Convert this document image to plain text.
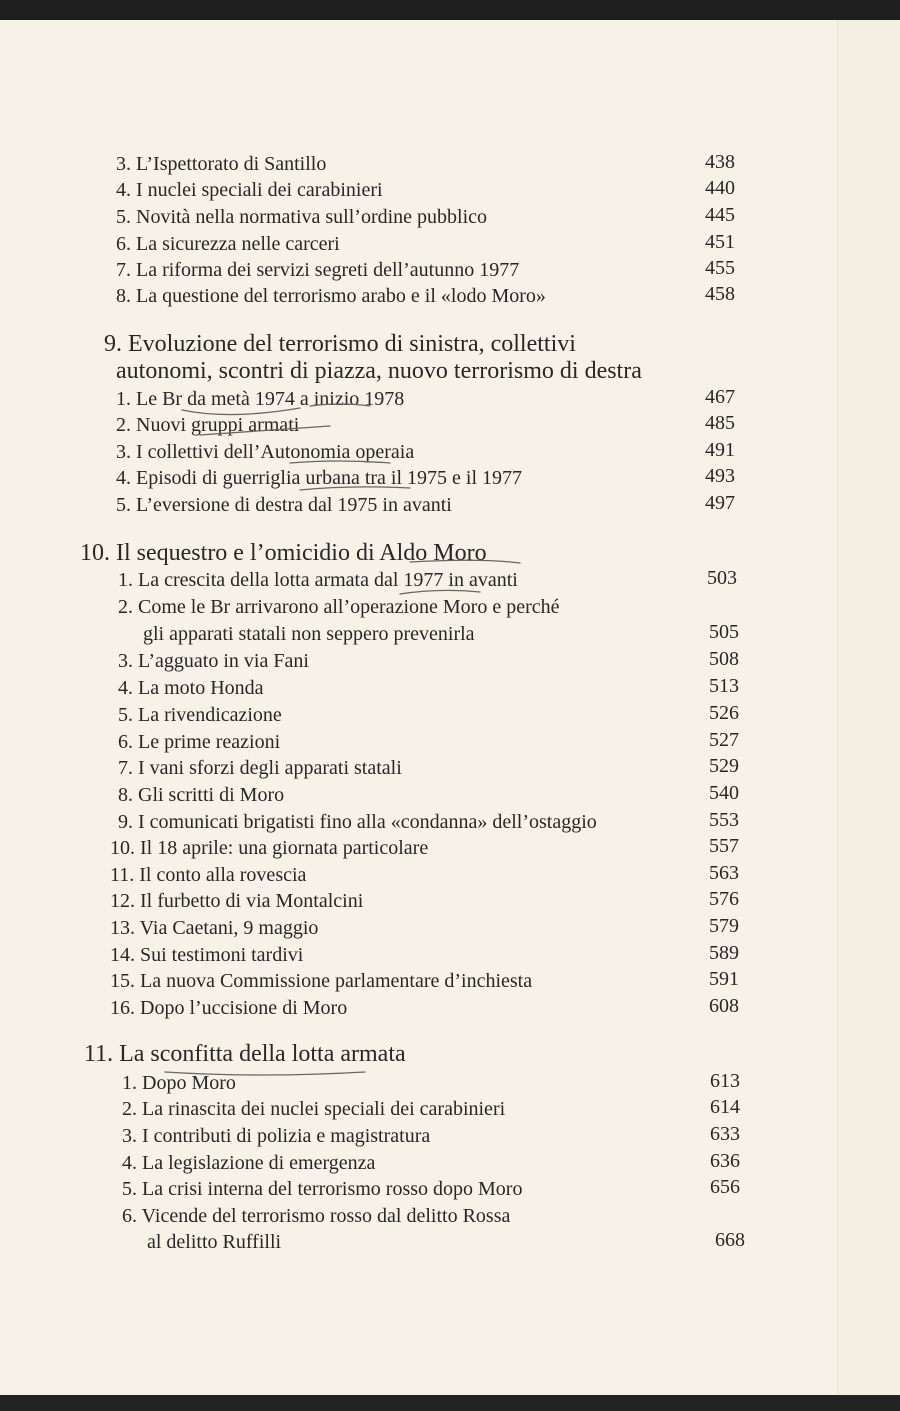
3. L’Ispettorato di Santillo	438
4. I nuclei speciali dei carabinieri	440
5. Novità nella normativa sull’ordine pubblico	445
6. La sicurezza nelle carceri	451
7. La riforma dei servizi segreti dell’autunno 1977	455
8. La questione del terrorismo arabo e il «lodo Moro»	458
9. Evoluzione del terrorismo di sinistra, collettivi
autonomi, scontri di piazza, nuovo terrorismo di destra
1. Le Br da metà 1974 a inizio 1978	467
2. Nuovi gruppi armati	485
3. I collettivi dell’Autonomia operaia	491
4. Episodi di guerriglia urbana tra il 1975 e il 1977	493
5. L’eversione di destra dal 1975 in avanti	497
10. Il sequestro e l’omicidio di Aldo Moro
1. La crescita della lotta armata dal 1977 in avanti	503
2. Come le Br arrivarono all’operazione Moro e perché
gli apparati statali non seppero prevenirla	505
3. L’agguato in via Fani	508
4. La moto Honda	513
5. La rivendicazione	526
6. Le prime reazioni	527
7. I vani sforzi degli apparati statali	529
8. Gli scritti di Moro	540
9. I comunicati brigatisti fino alla «condanna» dell’ostaggio	553
10. Il 18 aprile: una giornata particolare	557
11. Il conto alla rovescia	563
12. Il furbetto di via Montalcini	576
13. Via Caetani, 9 maggio	579
14. Sui testimoni tardivi	589
15. La nuova Commissione parlamentare d’inchiesta	591
16. Dopo l’uccisione di Moro	608
11. La sconfitta della lotta armata
1. Dopo Moro	613
2. La rinascita dei nuclei speciali dei carabinieri	614
3. I contributi di polizia e magistratura	633
4. La legislazione di emergenza	636
5. La crisi interna del terrorismo rosso dopo Moro	656
6. Vicende del terrorismo rosso dal delitto Rossa
al delitto Ruffilli	668
